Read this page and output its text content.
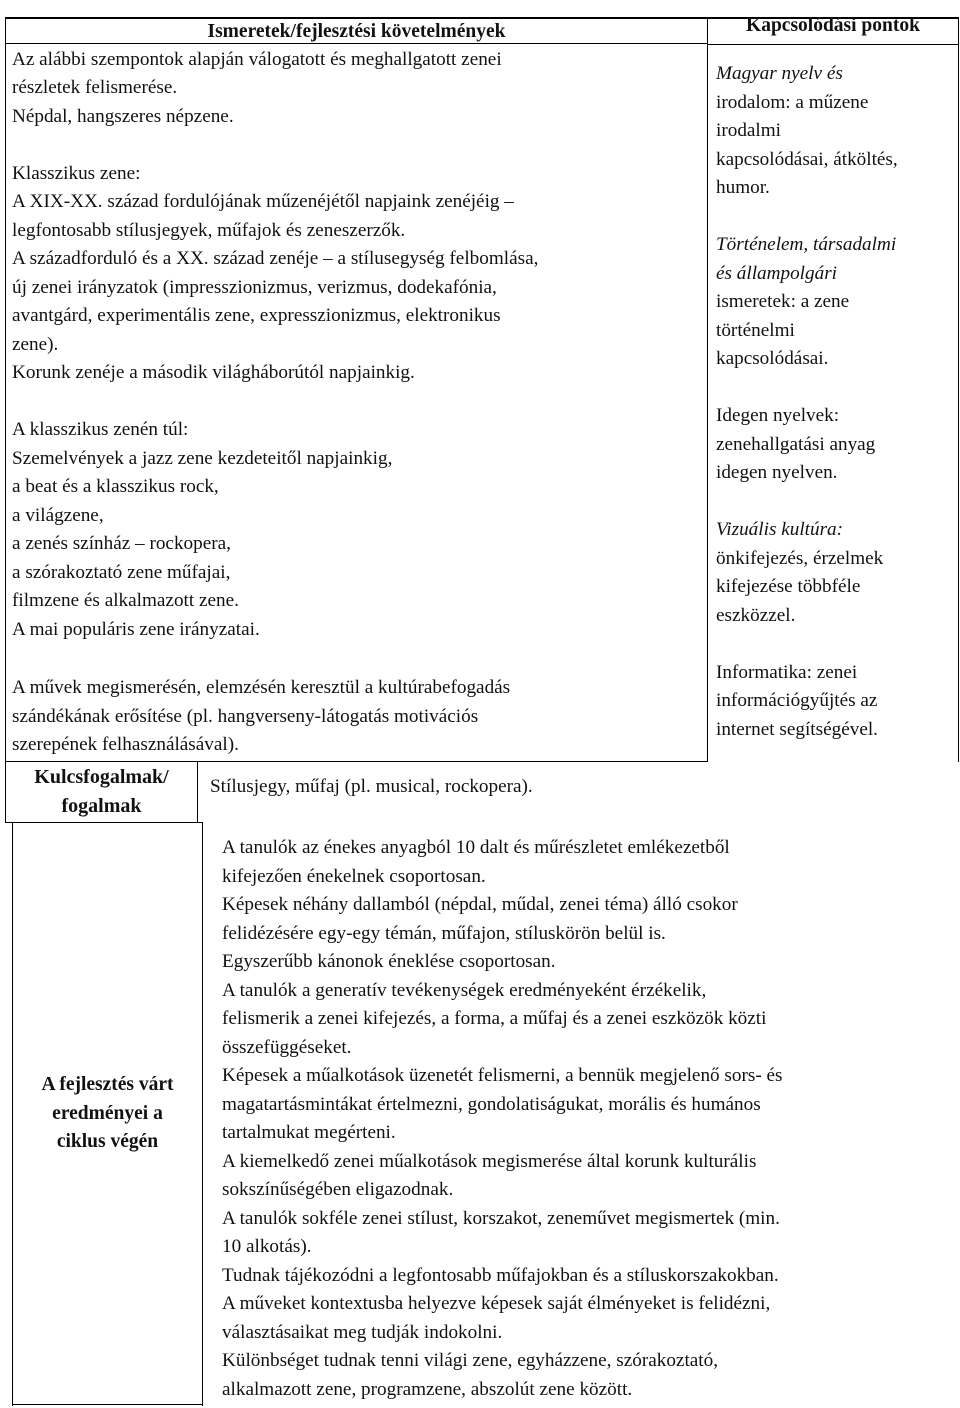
Ismeretek/fejlesztési követelmények	Kapcsolódási pontok
Az alábbi szempontok alapján válogatott és meghallgatott zenei
részletek felismerése.
Népdal, hangszeres népzene.
Klasszikus zene:
A XIX-XX. század fordulójának műzenéjétől napjaink zenéjéig –
legfontosabb stílusjegyek, műfajok és zeneszerzők.
A századforduló és a XX. század zenéje – a stílusegység felbomlása,
új zenei irányzatok (impresszionizmus, verizmus, dodekafónia,
avantgárd, experimentális zene, expresszionizmus, elektronikus
zene).
Korunk zenéje a második világháborútól napjainkig.
A klasszikus zenén túl:
Szemelvények a jazz zene kezdeteitől napjainkig,
a beat és a klasszikus rock,
a világzene,
a zenés színház – rockopera,
a szórakoztató zene műfajai,
filmzene és alkalmazott zene.
A mai populáris zene irányzatai.
A művek megismerésén, elemzésén keresztül a kultúrabefogadás
szándékának erősítése (pl. hangverseny-látogatás motivációs
szerepének felhasználásával).
Magyar nyelv és
irodalom: a műzene
irodalmi
kapcsolódásai, átköltés,
humor.
Történelem, társadalmi
és állampolgári
ismeretek: a zene
történelmi
kapcsolódásai.
Idegen nyelvek:
zenehallgatási anyag
idegen nyelven.
Vizuális kultúra:
önkifejezés, érzelmek
kifejezése többféle
eszközzel.
Informatika: zenei
információgyűjtés az
internet segítségével.
Kulcsfogalmak/
fogalmak
Stílusjegy, műfaj (pl. musical, rockopera).
A fejlesztés várt
eredményei a
ciklus végén
A tanulók az énekes anyagból 10 dalt és műrészletet emlékezetből
kifejezően énekelnek csoportosan.
Képesek néhány dallamból (népdal, műdal, zenei téma) álló csokor
felidézésére egy-egy témán, műfajon, stíluskörön belül is.
Egyszerűbb kánonok éneklése csoportosan.
A tanulók a generatív tevékenységek eredményeként érzékelik,
felismerik a zenei kifejezés, a forma, a műfaj és a zenei eszközök közti
összefüggéseket.
Képesek a műalkotások üzenetét felismerni, a bennük megjelenő sors- és
magatartásmintákat értelmezni, gondolatiságukat, morális és humános
tartalmukat megérteni.
A kiemelkedő zenei műalkotások megismerése által korunk kulturális
sokszínűségében eligazodnak.
A tanulók sokféle zenei stílust, korszakot, zeneművet megismertek (min.
10 alkotás).
Tudnak tájékozódni a legfontosabb műfajokban és a stíluskorszakokban.
A műveket kontextusba helyezve képesek saját élményeket is felidézni,
választásaikat meg tudják indokolni.
Különbséget tudnak tenni világi zene, egyházzene, szórakoztató,
alkalmazott zene, programzene, abszolút zene között.
